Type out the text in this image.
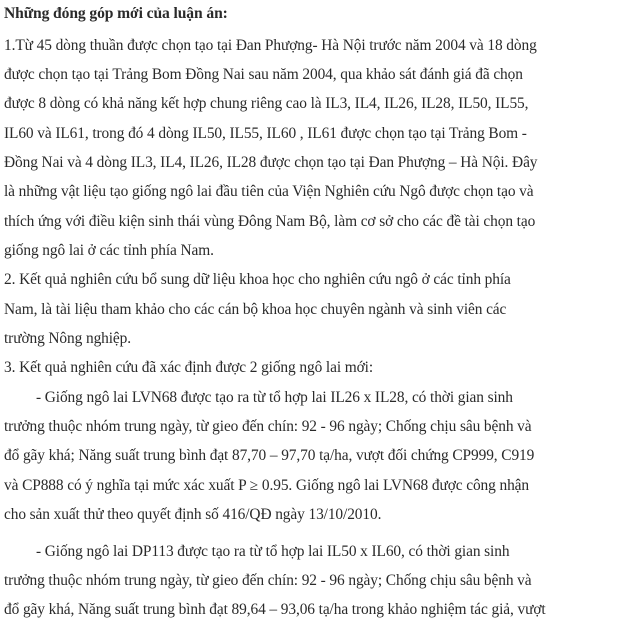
Những đóng góp mới của luận án:
1.Từ 45 dòng thuần được chọn tạo tại Đan Phượng- Hà Nội trước năm 2004 và 18 dòng
được chọn tạo tại Trảng Bom Đồng Nai sau năm 2004, qua khảo sát đánh giá đã chọn
được 8 dòng có khả năng kết hợp chung riêng cao là IL3, IL4, IL26, IL28, IL50, IL55,
IL60 và IL61, trong đó 4 dòng IL50, IL55, IL60 , IL61 được chọn tạo tại Trảng Bom -
Đồng Nai và 4 dòng IL3, IL4, IL26, IL28 được chọn tạo tại Đan Phượng – Hà Nội. Đây
là những vật liệu tạo giống ngô lai đầu tiên của Viện Nghiên cứu Ngô được chọn tạo và
thích ứng với điều kiện sinh thái vùng Đông Nam Bộ, làm cơ sở cho các đề tài chọn tạo
giống ngô lai ở các tỉnh phía Nam.
2. Kết quả nghiên cứu bổ sung dữ liệu khoa học cho nghiên cứu ngô ở các tỉnh phía
Nam, là tài liệu tham khảo cho các cán bộ khoa học chuyên ngành và sinh viên các
trường Nông nghiệp.
3. Kết quả nghiên cứu đã xác định được 2 giống ngô lai mới:
- Giống ngô lai LVN68 được tạo ra từ tổ hợp lai IL26 x IL28, có thời gian sinh
trưởng thuộc nhóm trung ngày, từ gieo đến chín: 92 - 96 ngày; Chống chịu sâu bệnh và
đổ gãy khá; Năng suất trung bình đạt 87,70 – 97,70 tạ/ha, vượt đối chứng CP999, C919
và CP888 có ý nghĩa tại mức xác xuất P ≥ 0.95. Giống ngô lai LVN68 được công nhận
cho sản xuất thử theo quyết định số 416/QĐ ngày 13/10/2010.
- Giống ngô lai DP113 được tạo ra từ tổ hợp lai IL50 x IL60, có thời gian sinh
trưởng thuộc nhóm trung ngày, từ gieo đến chín: 92 - 96 ngày; Chống chịu sâu bệnh và
đổ gãy khá, Năng suất trung bình đạt 89,64 – 93,06 tạ/ha trong khảo nghiệm tác giả, vượt
